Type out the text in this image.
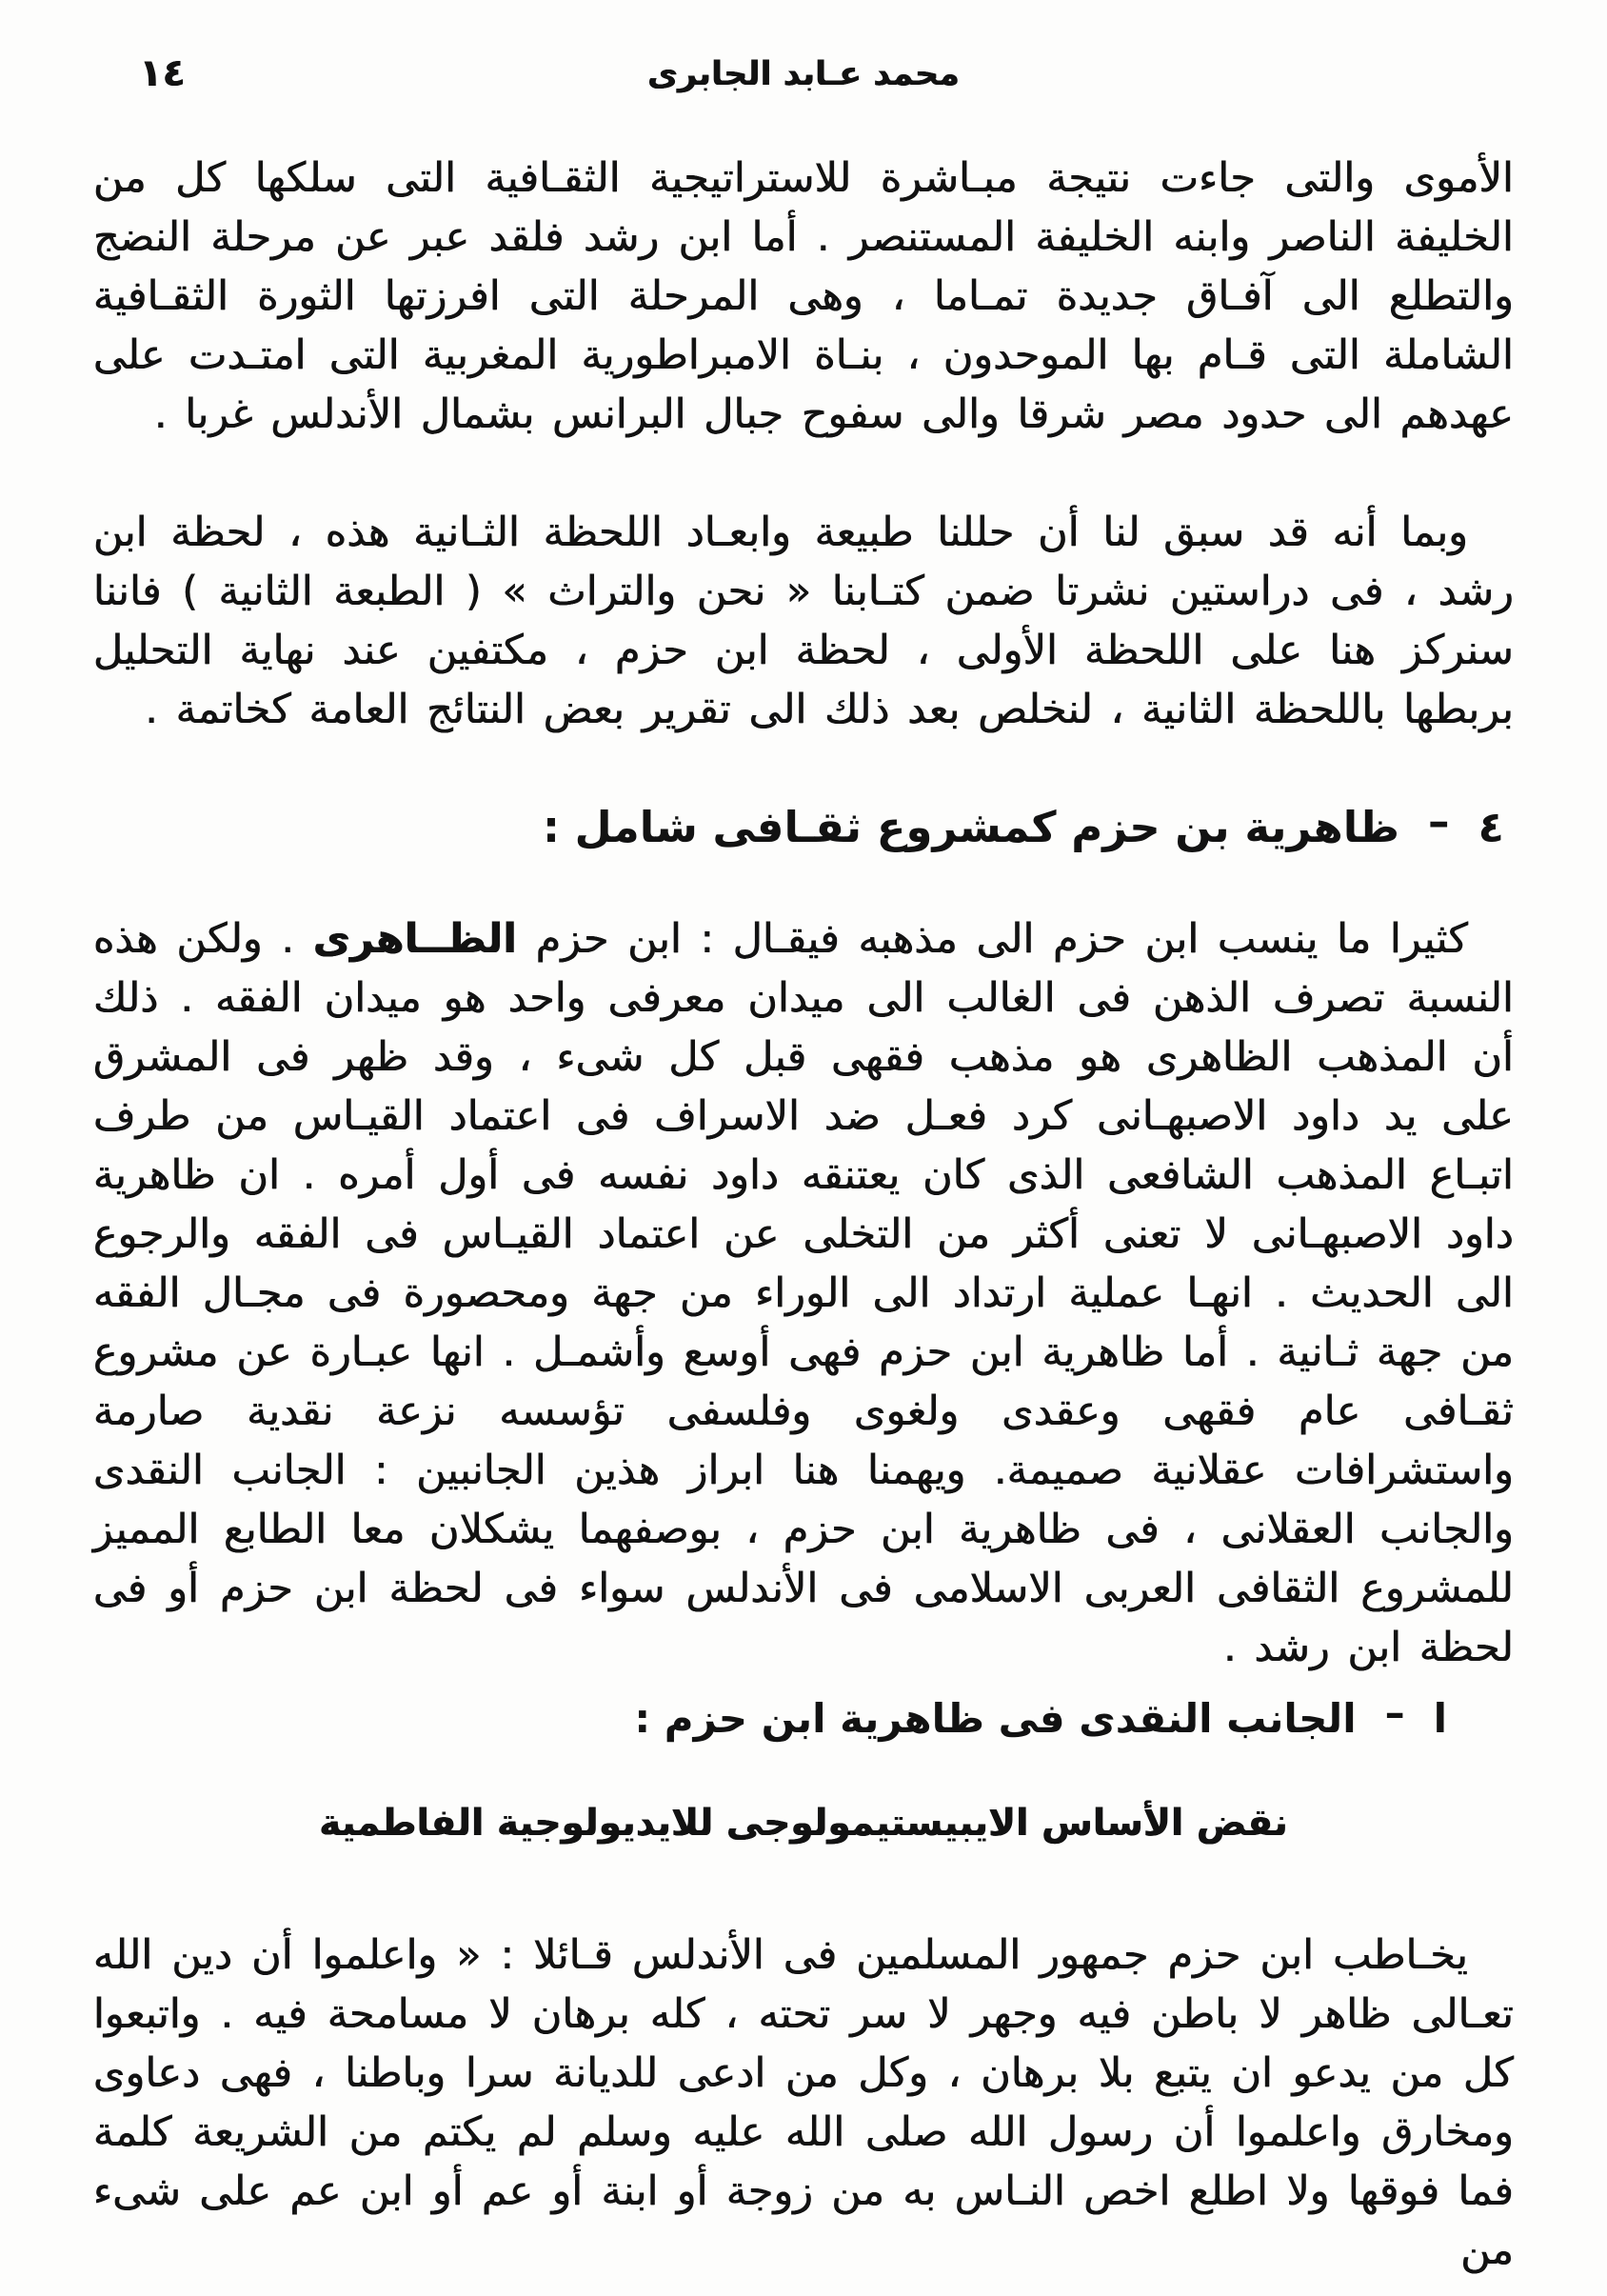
١٤	محمد عـابد الجابرى

الأموى والتى جاءت نتيجة مبـاشرة للاستراتيجية الثقـافية التى سلكها كل من الخليفة الناصر وابنه الخليفة المستنصر . أما ابن رشد فلقد عبر عن مرحلة النضج والتطلع الى آفـاق جديدة تمـاما ، وهى المرحلة التى افرزتها الثورة الثقـافية الشاملة التى قـام بها الموحدون ، بنـاة الامبراطورية المغربية التى امتـدت على عهدهم الى حدود مصر شرقا والى سفوح جبال البرانس بشمال الأندلس غربا .

وبما أنه قد سبق لنا أن حللنا طبيعة وابعـاد اللحظة الثـانية هذه ، لحظة ابن رشد ، فى دراستين نشرتا ضمن كتـابنا « نحن والتراث » ( الطبعة الثانية ) فاننا سنركز هنا على اللحظة الأولى ، لحظة ابن حزم ، مكتفين عند نهاية التحليل بربطها باللحظة الثانية ، لنخلص بعد ذلك الى تقرير بعض النتائج العامة كخاتمة .

٤
–
ظاهرية بن حزم كمشروع ثقـافى شامل :

كثيرا ما ينسب ابن حزم الى مذهبه فيقـال : ابن حزم الظــاهرى . ولكن هذه النسبة تصرف الذهن فى الغالب الى ميدان معرفى واحد هو ميدان الفقه . ذلك أن المذهب الظاهرى هو مذهب فقهى قبل كل شىء ، وقد ظهر فى المشرق على يد داود الاصبهـانى كرد فعـل ضد الاسراف فى اعتماد القيـاس من طرف اتبـاع المذهب الشافعى الذى كان يعتنقه داود نفسه فى أول أمره . ان ظاهرية داود الاصبهـانى لا تعنى أكثر من التخلى عن اعتماد القيـاس فى الفقه والرجوع الى الحديث . انهـا عملية ارتداد الى الوراء من جهة ومحصورة فى مجـال الفقه من جهة ثـانية . أما ظاهرية ابن حزم فهى أوسع وأشمـل . انها عبـارة عن مشروع ثقـافى عام فقهى وعقدى ولغوى وفلسفى تؤسسه نزعة نقدية صارمة واستشرافات عقلانية صميمة. ويهمنا هنا ابراز هذين الجانبين : الجانب النقدى والجانب العقلانى ، فى ظاهرية ابن حزم ، بوصفهما يشكلان معا الطابع المميز للمشروع الثقافى العربى الاسلامى فى الأندلس سواء فى لحظة ابن حزم أو فى لحظة ابن رشد .

ا
–
الجانب النقدى فى ظاهرية ابن حزم :
نقض الأساس الايبيستيمولوجى للايديولوجية الفاطمية

يخـاطب ابن حزم جمهور المسلمين فى الأندلس قـائلا : « واعلموا أن دين الله تعـالى ظاهر لا باطن فيه وجهر لا سر تحته ، كله برهان لا مسامحة فيه . واتبعوا كل من يدعو ان يتبع بلا برهان ، وكل من ادعى للديانة سرا وباطنا ، فهى دعاوى ومخارق واعلموا أن رسول الله صلى الله عليه وسلم لم يكتم من الشريعة كلمة فما فوقها ولا اطلع اخص النـاس به من زوجة أو ابنة أو عم أو ابن عم على شىء من
